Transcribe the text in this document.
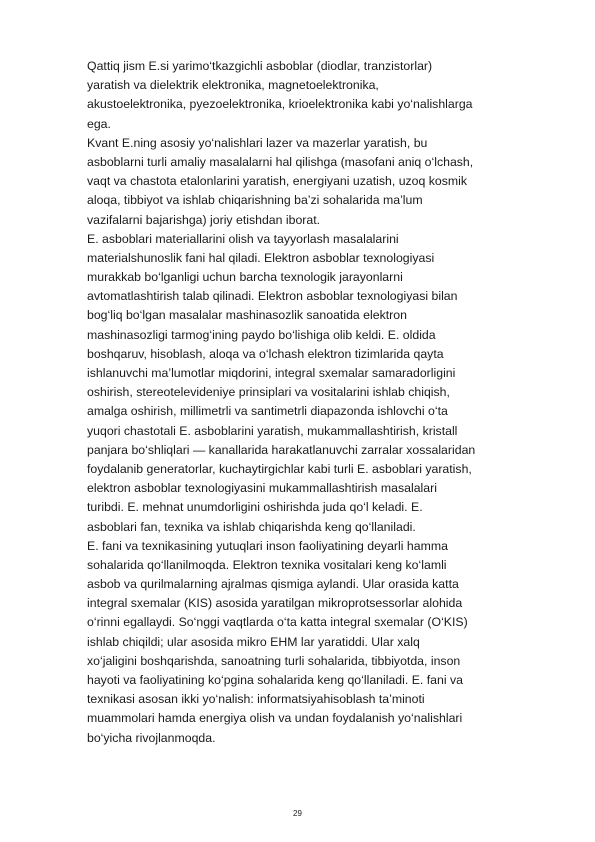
Qattiq jism E.si yarimo‘tkazgichli asboblar (diodlar, tranzistorlar)
yaratish va dielektrik elektronika, magnetoelektronika,
akustoelektronika, pyezoelektronika, krioelektronika kabi yo‘nalishlarga
ega.
Kvant E.ning asosiy yo‘nalishlari lazer va mazerlar yaratish, bu
asboblarni turli amaliy masalalarni hal qilishga (masofani aniq o‘lchash,
vaqt va chastota etalonlarini yaratish, energiyani uzatish, uzoq kosmik
aloqa, tibbiyot va ishlab chiqarishning ba’zi sohalarida ma’lum
vazifalarni bajarishga) joriy etishdan iborat.
E. asboblari materiallarini olish va tayyorlash masalalarini
materialshunoslik fani hal qiladi. Elektron asboblar texnologiyasi
murakkab bo‘lganligi uchun barcha texnologik jarayonlarni
avtomatlashtirish talab qilinadi. Elektron asboblar texnologiyasi bilan
bog‘liq bo‘lgan masalalar mashinasozlik sanoatida elektron
mashinasozligi tarmog‘ining paydo bo‘lishiga olib keldi. E. oldida
boshqaruv, hisoblash, aloqa va o‘lchash elektron tizimlarida qayta
ishlanuvchi ma’lumotlar miqdorini, integral sxemalar samaradorligini
oshirish, stereotelevideniye prinsiplari va vositalarini ishlab chiqish,
amalga oshirish, millimetrli va santimetrli diapazonda ishlovchi o‘ta
yuqori chastotali E. asboblarini yaratish, mukammallashtirish, kristall
panjara bo‘shliqlari — kanallarida harakatlanuvchi zarralar xossalaridan
foydalanib generatorlar, kuchaytirgichlar kabi turli E. asboblari yaratish,
elektron asboblar texnologiyasini mukammallashtirish masalalari
turibdi. E. mehnat unumdorligini oshirishda juda qo‘l keladi. E.
asboblari fan, texnika va ishlab chiqarishda keng qo‘llaniladi.
E. fani va texnikasining yutuqlari inson faoliyatining deyarli hamma
sohalarida qo‘llanilmoqda. Elektron texnika vositalari keng ko‘lamli
asbob va qurilmalarning ajralmas qismiga aylandi. Ular orasida katta
integral sxemalar (KIS) asosida yaratilgan mikroprotsessorlar alohida
o‘rinni egallaydi. So‘nggi vaqtlarda o‘ta katta integral sxemalar (O‘KIS)
ishlab chiqildi; ular asosida mikro EHM lar yaratiddi. Ular xalq
xo‘jaligini boshqarishda, sanoatning turli sohalarida, tibbiyotda, inson
hayoti va faoliyatining ko‘pgina sohalarida keng qo‘llaniladi. E. fani va
texnikasi asosan ikki yo‘nalish: informatsiyahisoblash ta’minoti
muammolari hamda energiya olish va undan foydalanish yo‘nalishlari
bo‘yicha rivojlanmoqda.
29
